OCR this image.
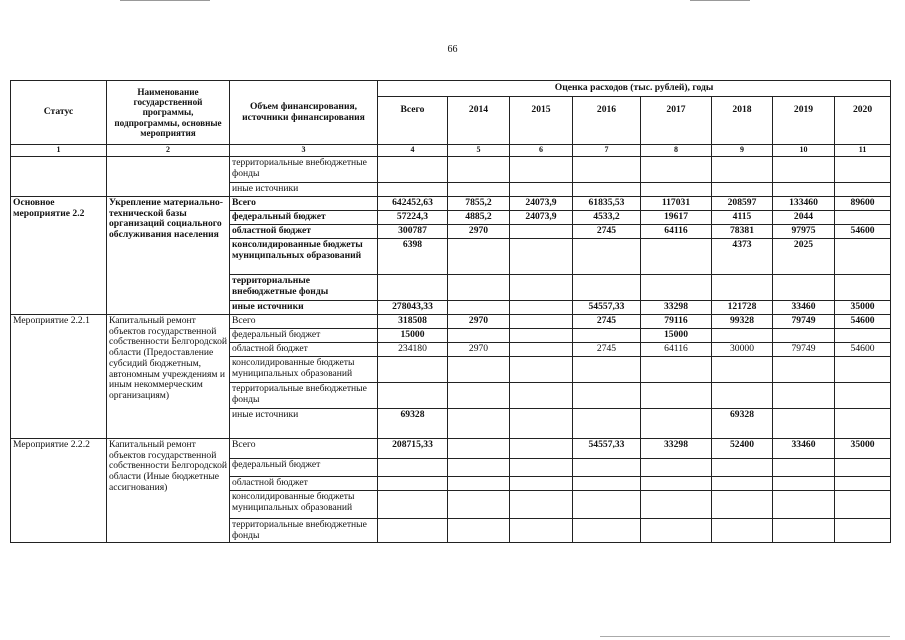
66
Статус	Наименование государственной программы, подпрограммы, основные мероприятия	Объем финансирования, источники финансирования	Оценка расходов (тыс. рублей), годы							
			Всего	2014	2015	2016	2017	2018	2019	2020
1	2	3	4	5	6	7	8	9	10	11
		территориальные внебюджетные фонды								
		иные источники								
Основное мероприятие 2.2	Укрепление материально-технической базы организаций социального обслуживания населения	Всего	642452,63	7855,2	24073,9	61835,53	117031	208597	133460	89600
		федеральный бюджет	57224,3	4885,2	24073,9	4533,2	19617	4115	2044	
		областной бюджет	300787	2970		2745	64116	78381	97975	54600
		консолидированные бюджеты муниципальных образований	6398					4373	2025	
		территориальные внебюджетные фонды								
		иные источники	278043,33			54557,33	33298	121728	33460	35000
Мероприятие 2.2.1	Капитальный ремонт объектов государственной собственности Белгородской области (Предоставление субсидий бюджетным, автономным учреждениям и иным некоммерческим организациям)	Всего	318508	2970		2745	79116	99328	79749	54600
		федеральный бюджет	15000				15000			
		областной бюджет	234180	2970		2745	64116	30000	79749	54600
		консолидированные бюджеты муниципальных образований								
		территориальные внебюджетные фонды								
		иные источники	69328					69328		
Мероприятие 2.2.2	Капитальный ремонт объектов государственной собственности Белгородской области (Иные бюджетные ассигнования)	Всего	208715,33			54557,33	33298	52400	33460	35000
		федеральный бюджет								
		областной бюджет								
		консолидированные бюджеты муниципальных образований								
		территориальные внебюджетные фонды								
